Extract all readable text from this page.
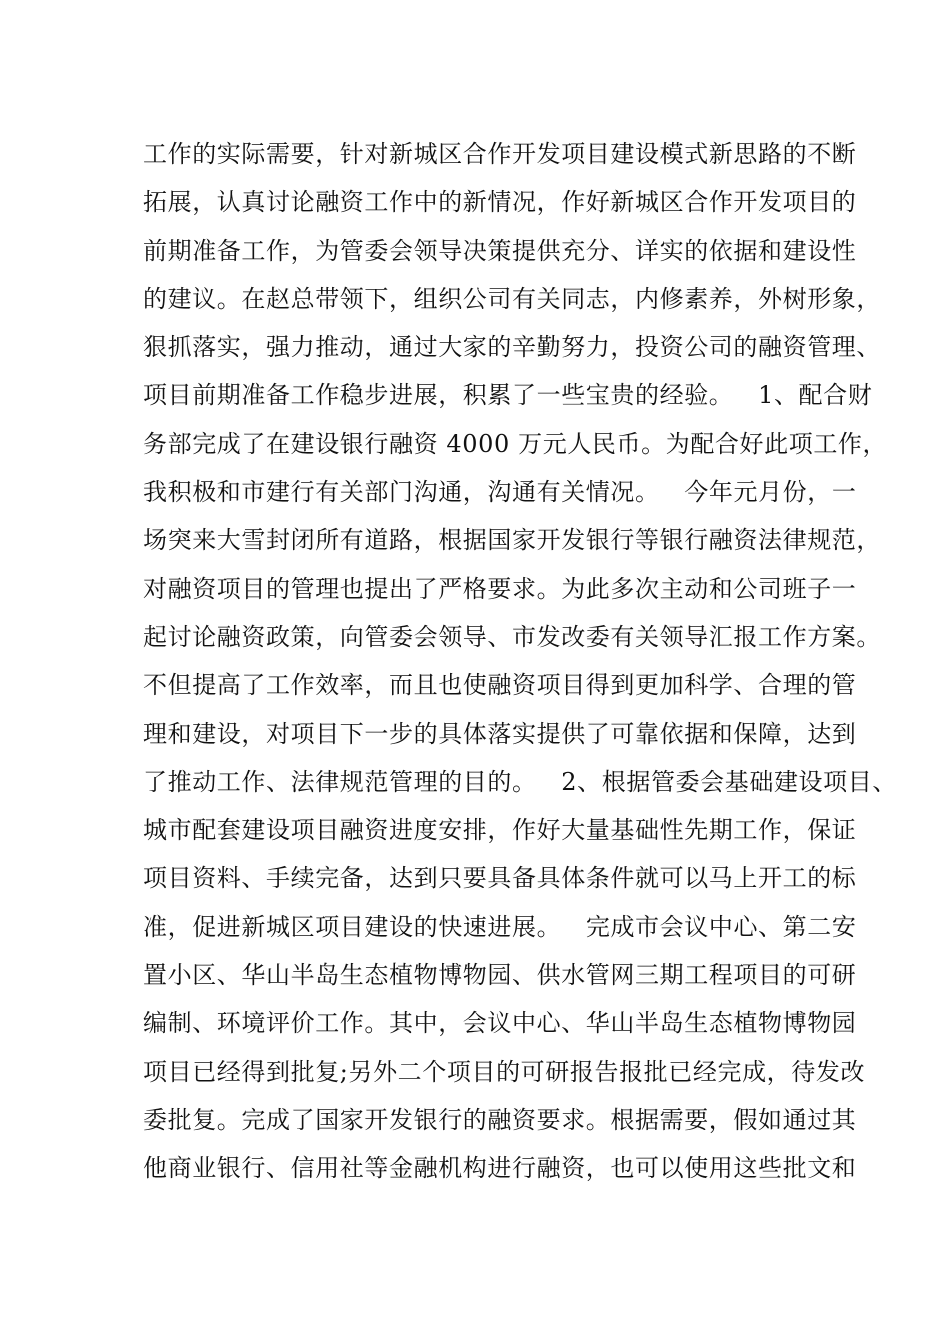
工作的实际需要，针对新城区合作开发项目建设模式新思路的不断
拓展，认真讨论融资工作中的新情况，作好新城区合作开发项目的
前期准备工作，为管委会领导决策提供充分、详实的依据和建设性
的建议。在赵总带领下，组织公司有关同志，内修素养，外树形象，
狠抓落实，强力推动，通过大家的辛勤努力，投资公司的融资管理、
项目前期准备工作稳步进展，积累了一些宝贵的经验。   1、配合财
务部完成了在建设银行融资 4000 万元人民币。为配合好此项工作，
我积极和市建行有关部门沟通，沟通有关情况。   今年元月份，一
场突来大雪封闭所有道路，根据国家开发银行等银行融资法律规范，
对融资项目的管理也提出了严格要求。为此多次主动和公司班子一
起讨论融资政策，向管委会领导、市发改委有关领导汇报工作方案。
不但提高了工作效率，而且也使融资项目得到更加科学、合理的管
理和建设，对项目下一步的具体落实提供了可靠依据和保障，达到
了推动工作、法律规范管理的目的。   2、根据管委会基础建设项目、
城市配套建设项目融资进度安排，作好大量基础性先期工作，保证
项目资料、手续完备，达到只要具备具体条件就可以马上开工的标
准，促进新城区项目建设的快速进展。   完成市会议中心、第二安
置小区、华山半岛生态植物博物园、供水管网三期工程项目的可研
编制、环境评价工作。其中，会议中心、华山半岛生态植物博物园
项目已经得到批复;另外二个项目的可研报告报批已经完成，待发改
委批复。完成了国家开发银行的融资要求。根据需要，假如通过其
他商业银行、信用社等金融机构进行融资，也可以使用这些批文和
